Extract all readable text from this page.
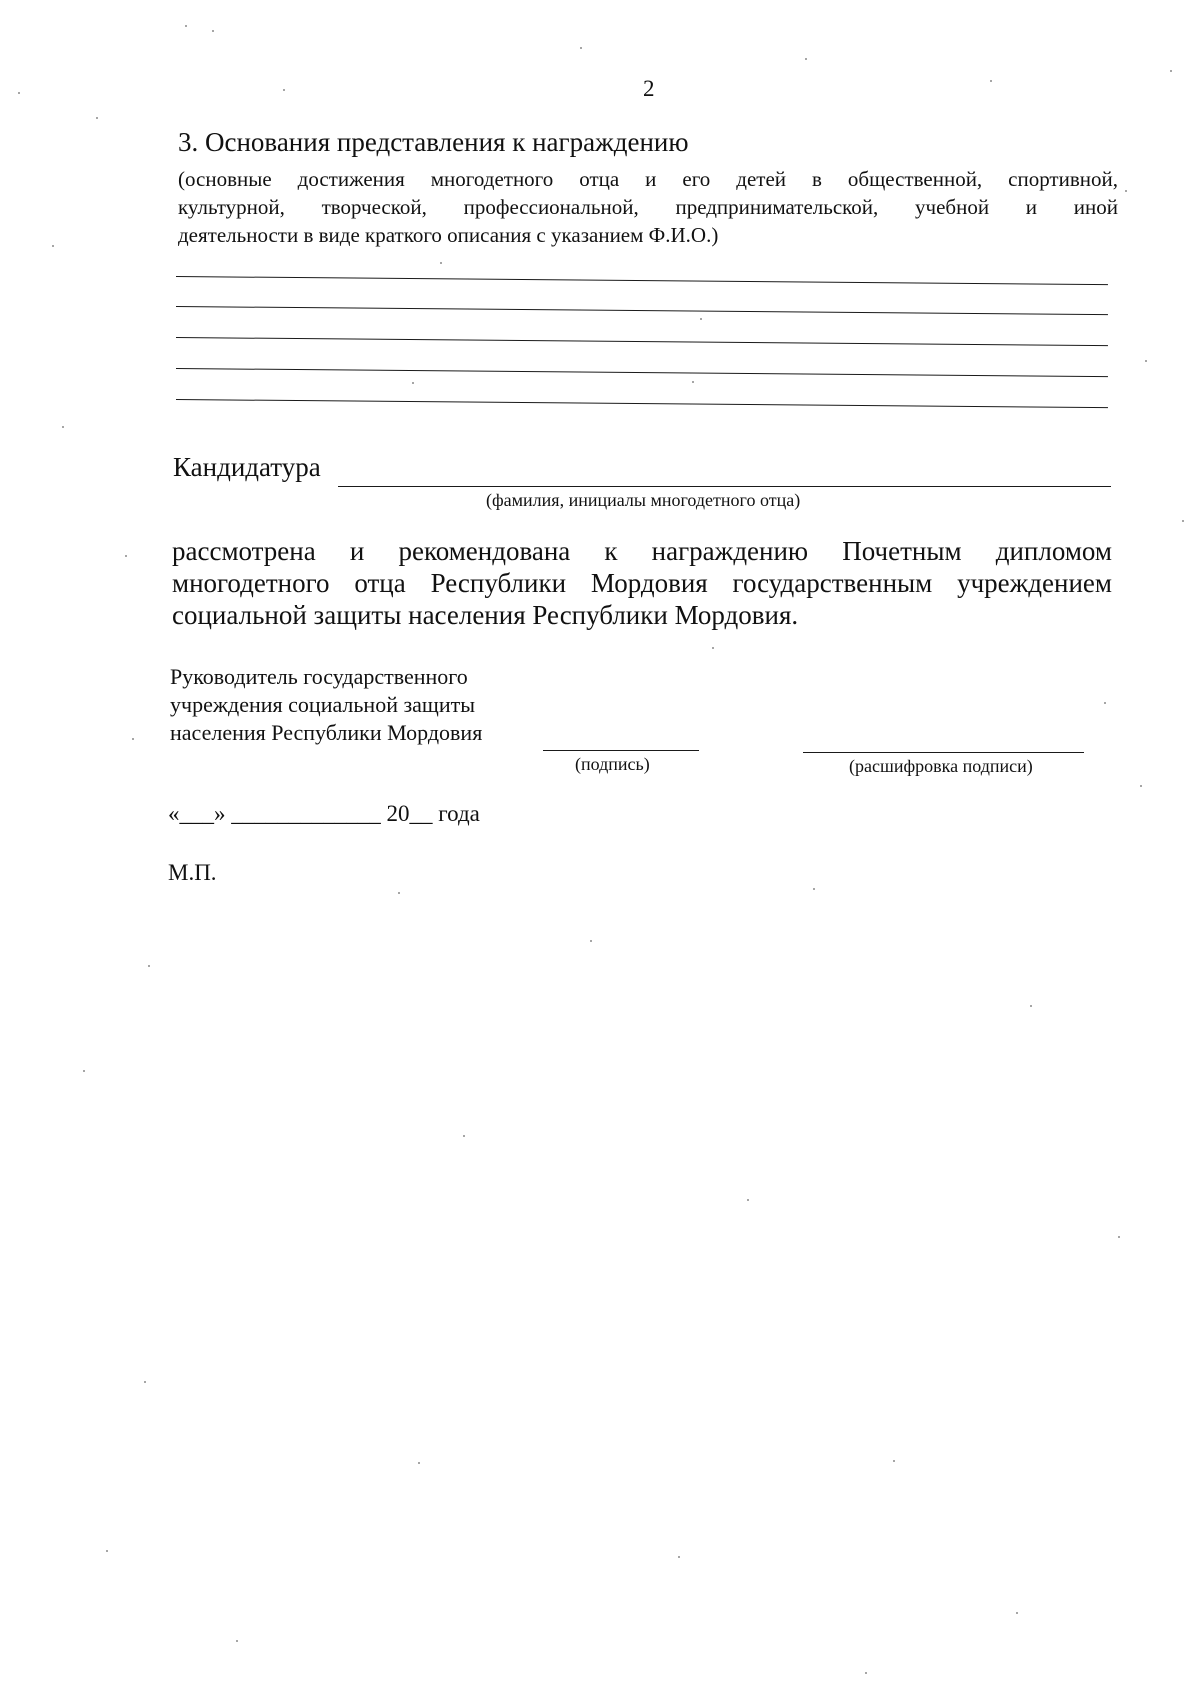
2
3. Основания представления к награждению
(основные достижения многодетного отца и его детей в общественной, спортивной,
культурной, творческой, профессиональной, предпринимательской, учебной и иной
деятельности в виде краткого описания с указанием Ф.И.О.)
Кандидатура
(фамилия, инициалы многодетного отца)
рассмотрена и рекомендована к награждению Почетным дипломом
многодетного отца Республики Мордовия государственным учреждением
социальной защиты населения Республики Мордовия.
Руководитель государственного
учреждения социальной защиты
населения Республики Мордовия
(подпись)	(расшифровка подписи)
«___» _____________ 20__ года
М.П.
